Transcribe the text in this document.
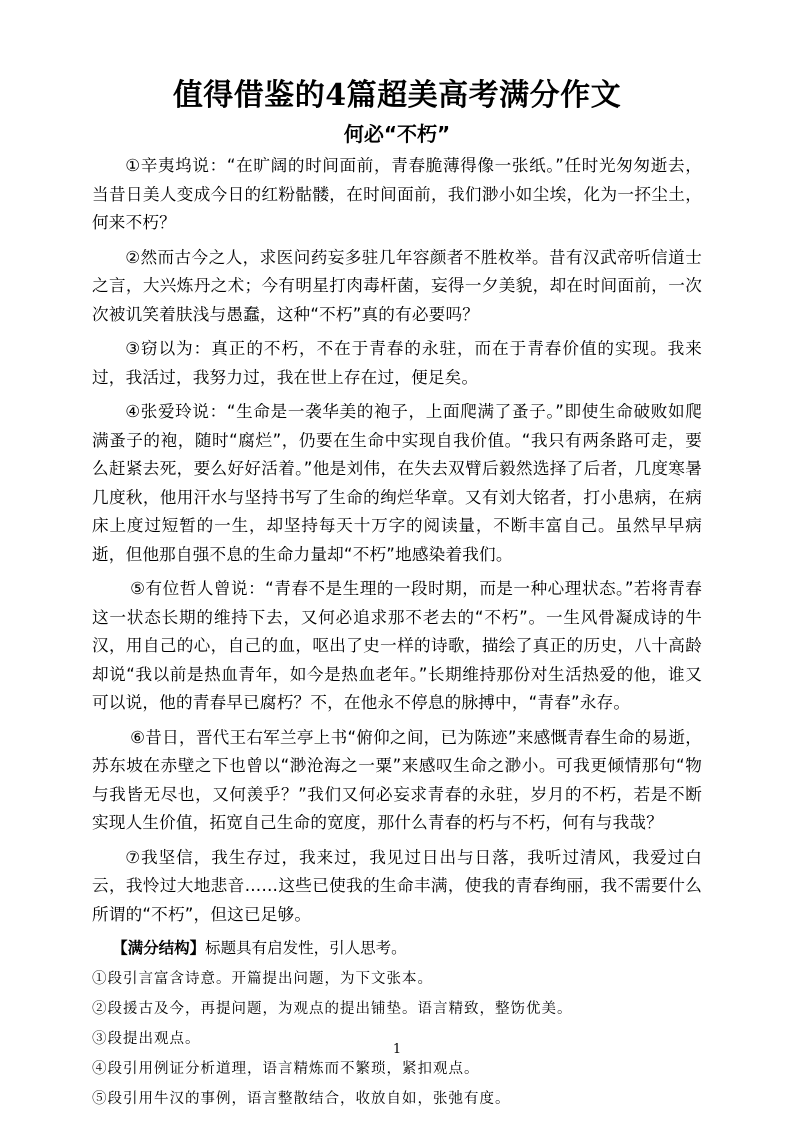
值得借鉴的4篇超美高考满分作文
何必“不朽”

①辛夷坞说：“在旷阔的时间面前，青春脆薄得像一张纸。”任时光匆匆逝去，当昔日美人变成今日的红粉骷髅，在时间面前，我们渺小如尘埃，化为一抔尘土，何来不朽？

②然而古今之人，求医问药妄多驻几年容颜者不胜枚举。昔有汉武帝听信道士之言，大兴炼丹之术；今有明星打肉毒杆菌，妄得一夕美貌，却在时间面前，一次次被讥笑着肤浅与愚蠢，这种“不朽”真的有必要吗？

③窃以为：真正的不朽，不在于青春的永驻，而在于青春价值的实现。我来过，我活过，我努力过，我在世上存在过，便足矣。

④张爱玲说：“生命是一袭华美的袍子，上面爬满了蚤子。”即使生命破败如爬满蚤子的袍，随时“腐烂”，仍要在生命中实现自我价值。“我只有两条路可走，要么赶紧去死，要么好好活着。”他是刘伟，在失去双臂后毅然选择了后者，几度寒暑几度秋，他用汗水与坚持书写了生命的绚烂华章。又有刘大铭者，打小患病，在病床上度过短暂的一生，却坚持每天十万字的阅读量，不断丰富自己。虽然早早病逝，但他那自强不息的生命力量却“不朽”地感染着我们。

⑤有位哲人曾说：“青春不是生理的一段时期，而是一种心理状态。”若将青春这一状态长期的维持下去，又何必追求那不老去的“不朽”。一生风骨凝成诗的牛汉，用自己的心，自己的血，呕出了史一样的诗歌，描绘了真正的历史，八十高龄却说“我以前是热血青年，如今是热血老年。”长期维持那份对生活热爱的他，谁又可以说，他的青春早已腐朽？不，在他永不停息的脉搏中，“青春”永存。

⑥昔日，晋代王右军兰亭上书“俯仰之间，已为陈迹”来感慨青春生命的易逝，苏东坡在赤壁之下也曾以“渺沧海之一粟”来感叹生命之渺小。可我更倾情那句“物与我皆无尽也，又何羡乎？”我们又何必妄求青春的永驻，岁月的不朽，若是不断实现人生价值，拓宽自己生命的宽度，那什么青春的朽与不朽，何有与我哉？

⑦我坚信，我生存过，我来过，我见过日出与日落，我听过清风，我爱过白云，我怜过大地悲音……这些已使我的生命丰满，使我的青春绚丽，我不需要什么所谓的“不朽”，但这已足够。

【满分结构】标题具有启发性，引人思考。

①段引言富含诗意。开篇提出问题，为下文张本。

②段援古及今，再提问题，为观点的提出铺垫。语言精致，整饬优美。

③段提出观点。

④段引用例证分析道理，语言精炼而不繁琐，紧扣观点。

⑤段引用牛汉的事例，语言整散结合，收放自如，张弛有度。

1
